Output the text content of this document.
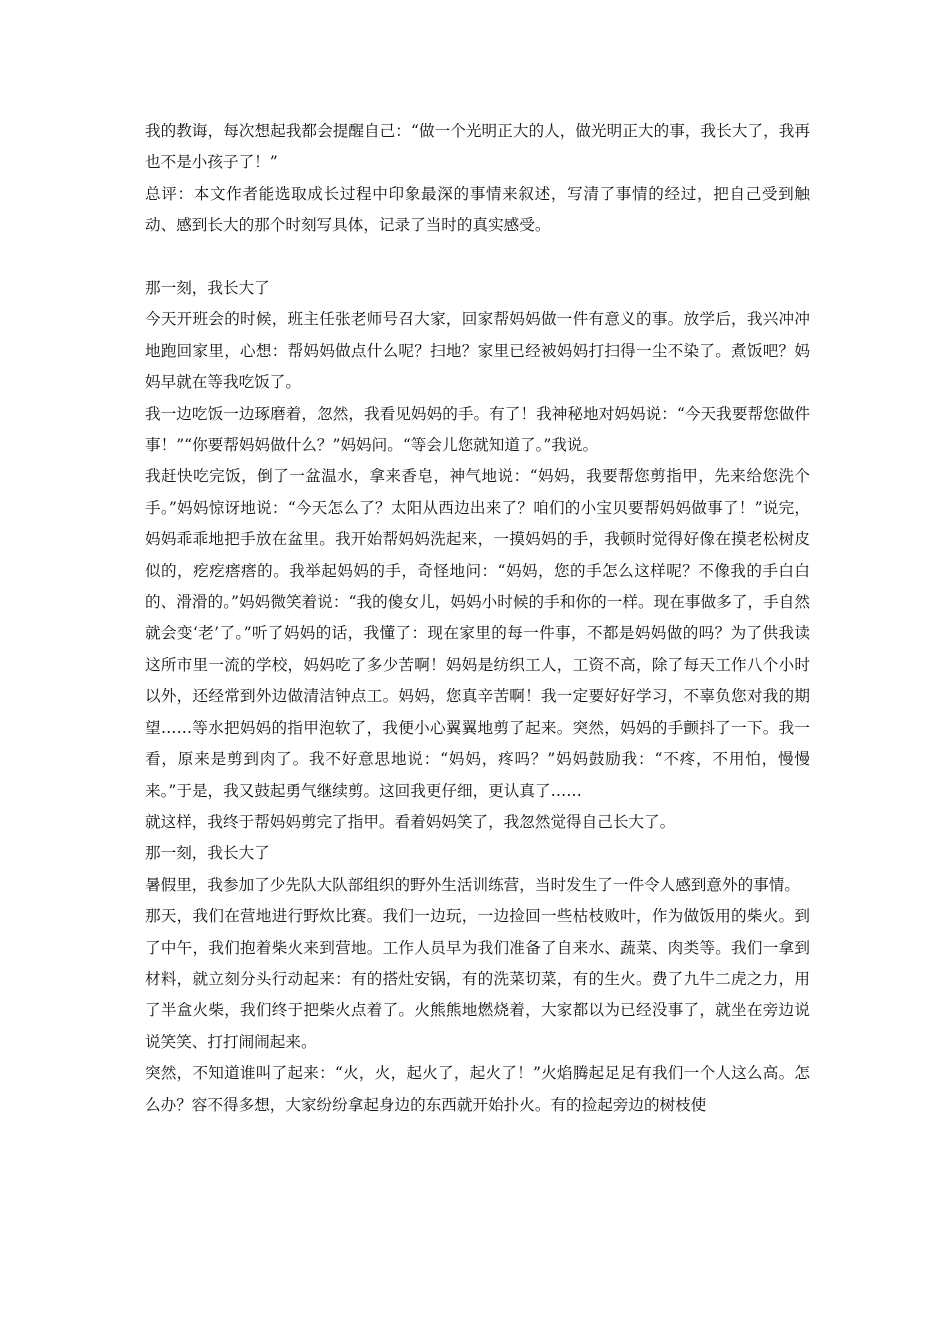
我的教诲，每次想起我都会提醒自己：“做一个光明正大的人，做光明正大的事，我长大了，我再也不是小孩子了！”

总评：本文作者能选取成长过程中印象最深的事情来叙述，写清了事情的经过，把自己受到触动、感到长大的那个时刻写具体，记录了当时的真实感受。

那一刻，我长大了

今天开班会的时候，班主任张老师号召大家，回家帮妈妈做一件有意义的事。放学后，我兴冲冲地跑回家里，心想：帮妈妈做点什么呢？扫地？家里已经被妈妈打扫得一尘不染了。煮饭吧？妈妈早就在等我吃饭了。

我一边吃饭一边琢磨着，忽然，我看见妈妈的手。有了！我神秘地对妈妈说：“今天我要帮您做件事！”“你要帮妈妈做什么？”妈妈问。“等会儿您就知道了。”我说。

我赶快吃完饭，倒了一盆温水，拿来香皂，神气地说：“妈妈，我要帮您剪指甲，先来给您洗个手。”妈妈惊讶地说：“今天怎么了？太阳从西边出来了？咱们的小宝贝要帮妈妈做事了！”说完，妈妈乖乖地把手放在盆里。我开始帮妈妈洗起来，一摸妈妈的手，我顿时觉得好像在摸老松树皮似的，疙疙瘩瘩的。我举起妈妈的手，奇怪地问：“妈妈，您的手怎么这样呢？不像我的手白白的、滑滑的。”妈妈微笑着说：“我的傻女儿，妈妈小时候的手和你的一样。现在事做多了，手自然就会变‘老’了。”听了妈妈的话，我懂了：现在家里的每一件事，不都是妈妈做的吗？为了供我读这所市里一流的学校，妈妈吃了多少苦啊！妈妈是纺织工人，工资不高，除了每天工作八个小时以外，还经常到外边做清洁钟点工。妈妈，您真辛苦啊！我一定要好好学习，不辜负您对我的期望……等水把妈妈的指甲泡软了，我便小心翼翼地剪了起来。突然，妈妈的手颤抖了一下。我一看，原来是剪到肉了。我不好意思地说：“妈妈，疼吗？”妈妈鼓励我：“不疼，不用怕，慢慢来。”于是，我又鼓起勇气继续剪。这回我更仔细，更认真了……

就这样，我终于帮妈妈剪完了指甲。看着妈妈笑了，我忽然觉得自己长大了。

那一刻，我长大了

暑假里，我参加了少先队大队部组织的野外生活训练营，当时发生了一件令人感到意外的事情。

那天，我们在营地进行野炊比赛。我们一边玩，一边捡回一些枯枝败叶，作为做饭用的柴火。到了中午，我们抱着柴火来到营地。工作人员早为我们准备了自来水、蔬菜、肉类等。我们一拿到材料，就立刻分头行动起来：有的搭灶安锅，有的洗菜切菜，有的生火。费了九牛二虎之力，用了半盒火柴，我们终于把柴火点着了。火熊熊地燃烧着，大家都以为已经没事了，就坐在旁边说说笑笑、打打闹闹起来。

突然，不知道谁叫了起来：“火，火，起火了，起火了！”火焰腾起足足有我们一个人这么高。怎么办？容不得多想，大家纷纷拿起身边的东西就开始扑火。有的捡起旁边的树枝使
